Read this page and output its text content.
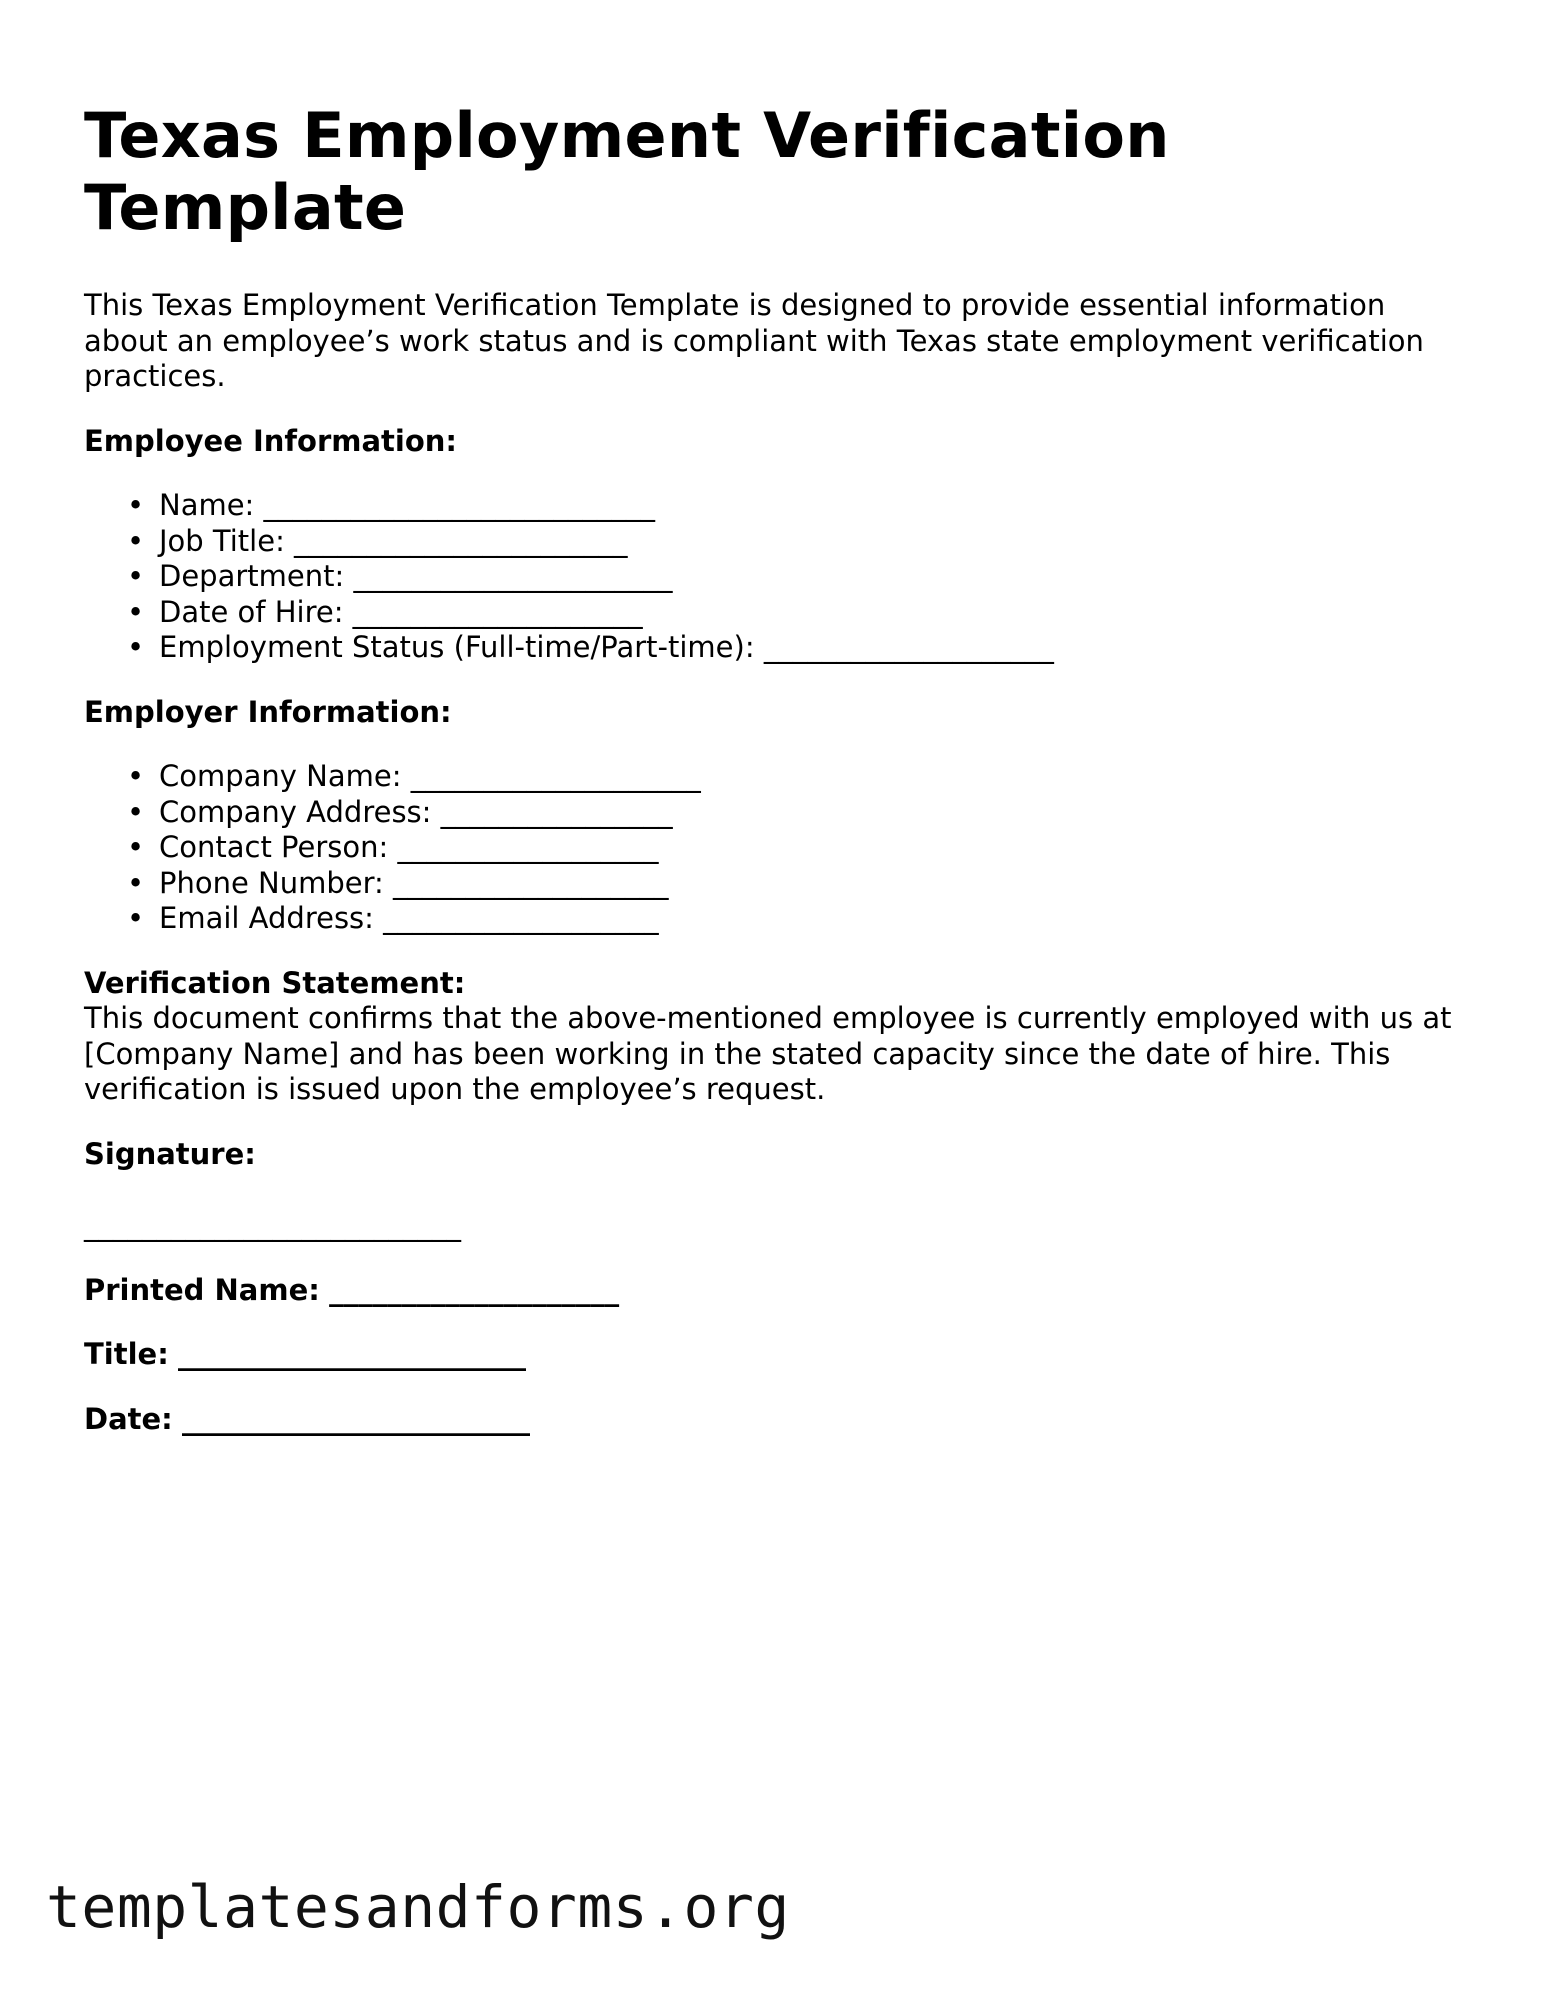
Texas Employment Verification Template

This Texas Employment Verification Template is designed to provide essential information about an employee’s work status and is compliant with Texas state employment verification practices.

Employee Information:

• Name: ___________________________
• Job Title: _______________________
• Department: ______________________
• Date of Hire: ____________________
• Employment Status (Full-time/Part-time): ____________________

Employer Information:

• Company Name: ____________________
• Company Address: ________________
• Contact Person: __________________
• Phone Number: ___________________
• Email Address: ___________________

Verification Statement:

This document confirms that the above-mentioned employee is currently employed with us at [Company Name] and has been working in the stated capacity since the date of hire. This verification is issued upon the employee’s request.

Signature:

__________________________

Printed Name: ____________________

Title: ________________________

Date: ________________________

templatesandforms.org
